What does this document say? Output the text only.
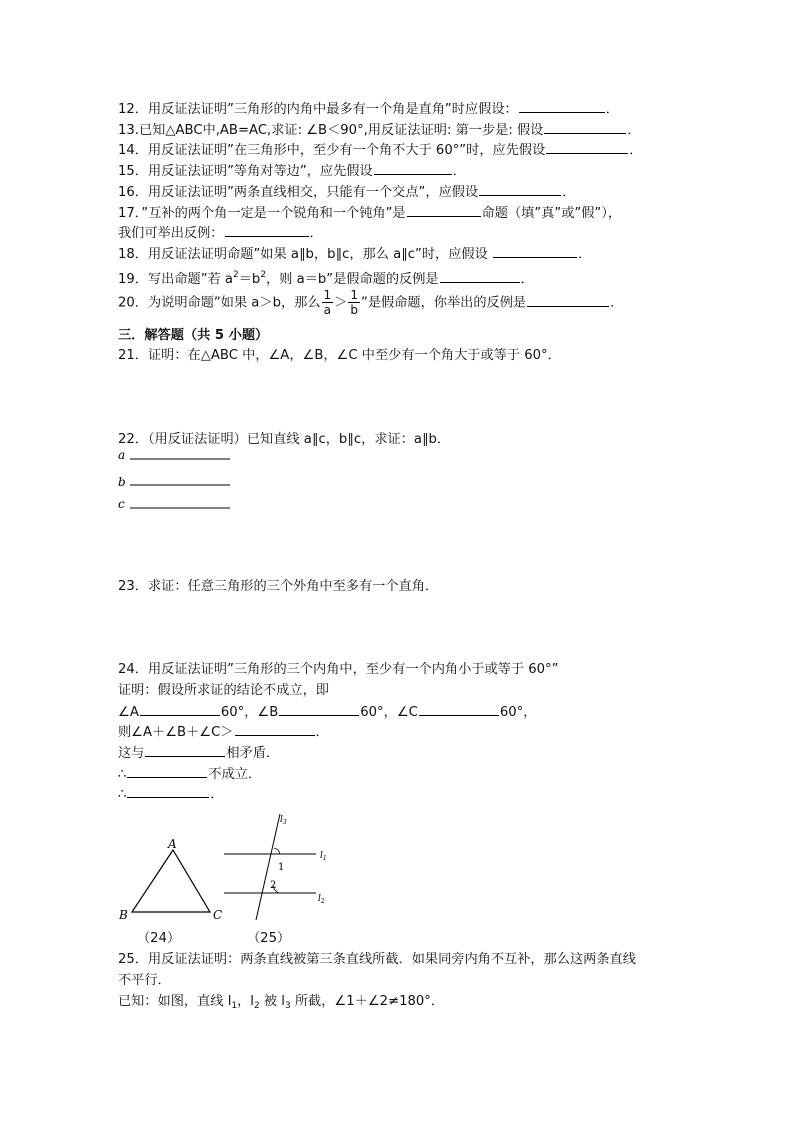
12．用反证法证明”三角形的内角中最多有一个角是直角”时应假设：	．
13.已知△ABC中,AB=AC,求证: ∠B＜90°,用反证法证明: 第一步是: 假设	．
14．用反证法证明”在三角形中，至少有一个角不大于 60°”时，应先假设	．
15．用反证法证明”等角对等边”，应先假设	．
16．用反证法证明”两条直线相交，只能有一个交点”，应假设	．
17．”互补的两个角一定是一个锐角和一个钝角”是	命题（填”真”或”假”），
我们可举出反例：	．
18．用反证法证明命题”如果 a∥b，b∥c，那么 a∥c”时，应假设	．
19．写出命题”若 $a^2=b^2$，则 a＝b”是假命题的反例是	．
20．为说明命题”如果 a＞b，那么 $\frac{1}{a} > \frac{1}{b}$ ”是假命题，你举出的反例是	．
三．解答题（共 5 小题）
21．证明：在△ABC 中，∠A，∠B，∠C 中至少有一个角大于或等于 60°．
22．（用反证法证明）已知直线 a∥c，b∥c，求证：a∥b．
a
b
c
23．求证：任意三角形的三个外角中至多有一个直角．
24．用反证法证明”三角形的三个内角中，至少有一个内角小于或等于 60°”
证明：假设所求证的结论不成立，即
∠A	60°，∠B	60°，∠C	60°，
则∠A＋∠B＋∠C＞	．
这与	相矛盾．
∴	不成立．
∴	．
A
B	C
（24）
$l_3$
$l_1$
$l_2$
1
2
（25）
25．用反证法证明：两条直线被第三条直线所截．如果同旁内角不互补，那么这两条直线
不平行．
已知：如图，直线 $l_1$，$l_2$ 被 $l_3$ 所截，∠1＋∠2≠180°．
